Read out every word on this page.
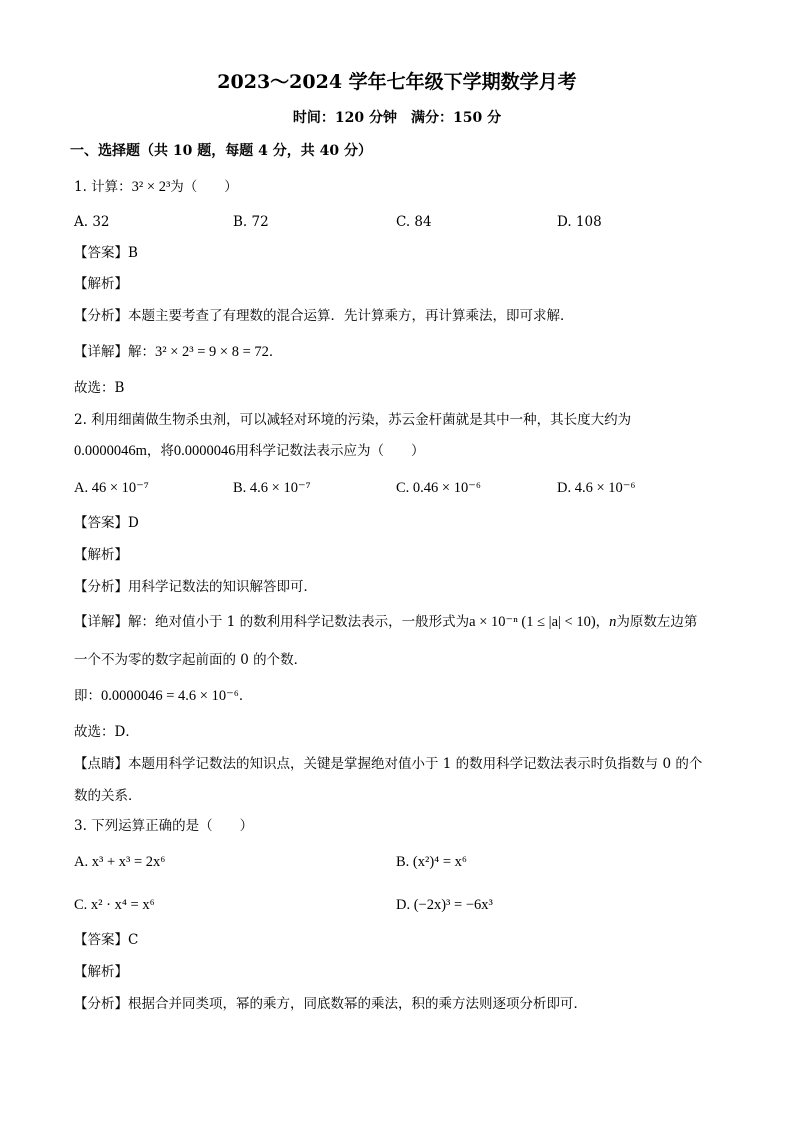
2023～2024 学年七年级下学期数学月考
时间：120 分钟　满分：150 分
一、选择题（共 10 题，每题 4 分，共 40 分）
1. 计算：3² × 2³为（　　）
A. 32	B. 72	C. 84	D. 108
【答案】B
【解析】
【分析】本题主要考查了有理数的混合运算．先计算乘方，再计算乘法，即可求解．
【详解】解：3² × 2³ = 9 × 8 = 72．
故选：B
2. 利用细菌做生物杀虫剂，可以减轻对环境的污染，苏云金杆菌就是其中一种，其长度大约为
0.0000046m，将0.0000046用科学记数法表示应为（　　）
A. 46 × 10⁻⁷	B. 4.6 × 10⁻⁷	C. 0.46 × 10⁻⁶	D. 4.6 × 10⁻⁶
【答案】D
【解析】
【分析】用科学记数法的知识解答即可．
【详解】解：绝对值小于 1 的数利用科学记数法表示，一般形式为a × 10⁻ⁿ (1 ≤ |a| < 10)，n为原数左边第
一个不为零的数字起前面的 0 的个数．
即：0.0000046 = 4.6 × 10⁻⁶．
故选：D．
【点睛】本题用科学记数法的知识点，关键是掌握绝对值小于 1 的数用科学记数法表示时负指数与 0 的个
数的关系．
3. 下列运算正确的是（　　）
A. x³ + x³ = 2x⁶	B. (x²)⁴ = x⁶
C. x² · x⁴ = x⁶	D. (−2x)³ = −6x³
【答案】C
【解析】
【分析】根据合并同类项，幂的乘方，同底数幂的乘法，积的乘方法则逐项分析即可．
